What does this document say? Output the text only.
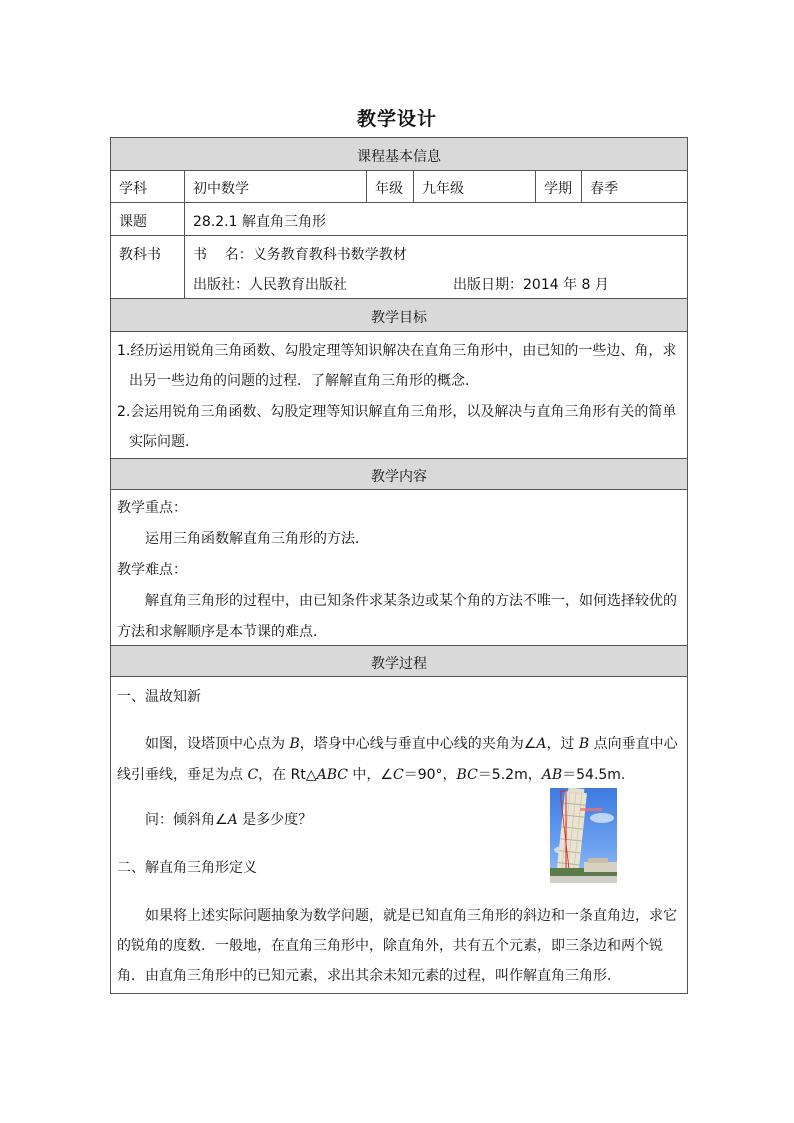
教学设计
课程基本信息
学科	初中数学	年级 九年级	学期 春季
课题	28.2.1 解直角三角形
教科书 书    名：义务教育教科书数学教材
出版社：人民教育出版社	出版日期：2014 年 8 月
教学目标
1.经历运用锐角三角函数、勾股定理等知识解决在直角三角形中，由已知的一些边、角，求
出另一些边角的问题的过程．了解解直角三角形的概念．
2.会运用锐角三角函数、勾股定理等知识解直角三角形，以及解决与直角三角形有关的简单
实际问题．
教学内容
教学重点：
运用三角函数解直角三角形的方法．
教学难点：
解直角三角形的过程中，由已知条件求某条边或某个角的方法不唯一，如何选择较优的
方法和求解顺序是本节课的难点．
教学过程
一、温故知新
如图，设塔顶中心点为 B，塔身中心线与垂直中心线的夹角为∠A，过 B 点向垂直中心
线引垂线，垂足为点 C，在 Rt△ABC 中，∠C＝90°，BC＝5.2m，AB＝54.5m.
问：倾斜角∠A 是多少度？
二、解直角三角形定义
如果将上述实际问题抽象为数学问题，就是已知直角三角形的斜边和一条直角边，求它
的锐角的度数．一般地，在直角三角形中，除直角外，共有五个元素，即三条边和两个锐
角．由直角三角形中的已知元素，求出其余未知元素的过程，叫作解直角三角形．
